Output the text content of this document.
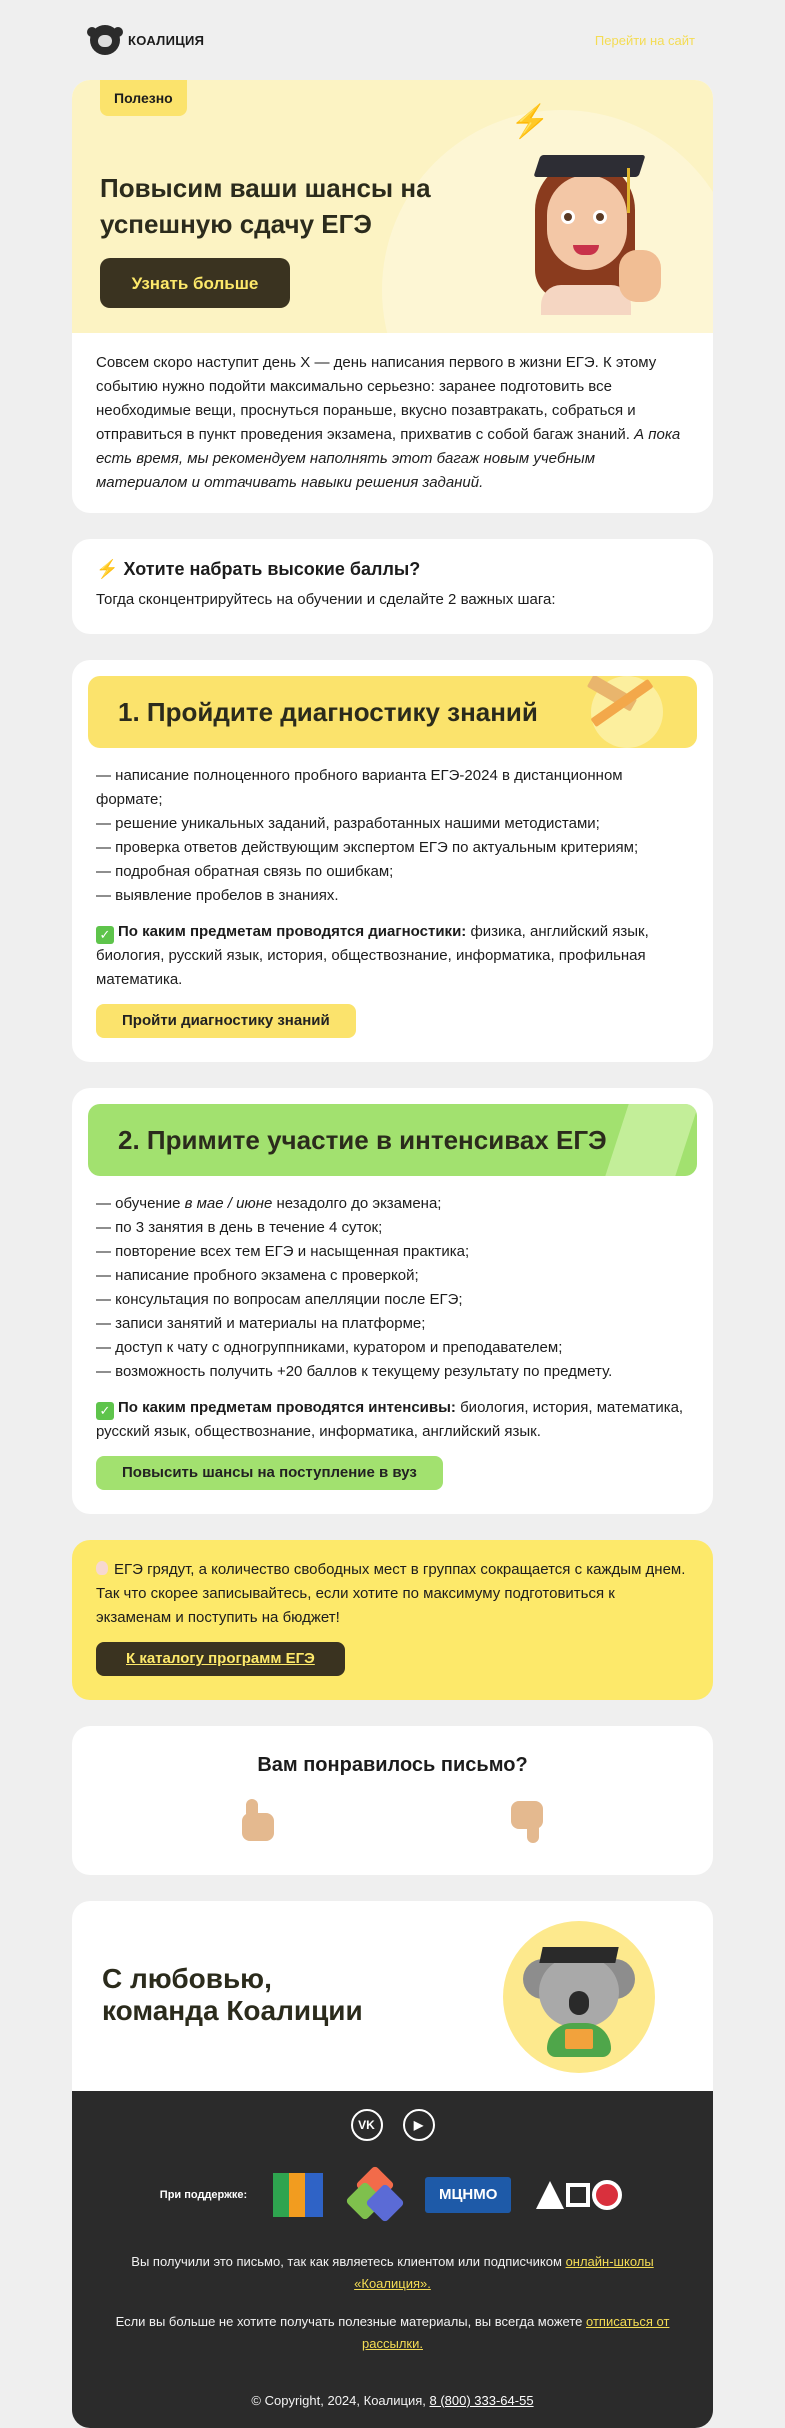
КОАЛИЦИЯ	Перейти на сайт
Полезно
Повысим ваши шансы на успешную сдачу ЕГЭ
Узнать больше
⚡
Совсем скоро наступит день Х — день написания первого в жизни ЕГЭ. К этому событию нужно подойти максимально серьезно: заранее подготовить все необходимые вещи, проснуться пораньше, вкусно позавтракать, собраться и отправиться в пункт проведения экзамена, прихватив с собой багаж знаний. А пока есть время, мы рекомендуем наполнять этот багаж новым учебным материалом и оттачивать навыки решения заданий.
⚡ Хотите набрать высокие баллы?

Тогда сконцентрируйтесь на обучении и сделайте 2 важных шага:

1. Пройдите диагностику знаний
— написание полноценного пробного варианта ЕГЭ-2024 в дистанционном формате;
— решение уникальных заданий, разработанных нашими методистами;
— проверка ответов действующим экспертом ЕГЭ по актуальным критериям;
— подробная обратная связь по ошибкам;
— выявление пробелов в знаниях.

✓ По каким предметам проводятся диагностики: физика, английский язык, биология, русский язык, история, обществознание, информатика, профильная математика.

Пройти диагностику знаний
2. Примите участие в интенсивах ЕГЭ
— обучение в мае / июне незадолго до экзамена;
— по 3 занятия в день в течение 4 суток;
— повторение всех тем ЕГЭ и насыщенная практика;
— написание пробного экзамена с проверкой;
— консультация по вопросам апелляции после ЕГЭ;
— записи занятий и материалы на платформе;
— доступ к чату с одногруппниками, куратором и преподавателем;
— возможность получить +20 баллов к текущему результату по предмету.

✓ По каким предметам проводятся интенсивы: биология, история, математика, русский язык, обществознание, информатика, английский язык.

Повысить шансы на поступление в вуз

ЕГЭ грядут, а количество свободных мест в группах сокращается с каждым днем. Так что скорее записывайтесь, если хотите по максимуму подготовиться к экзаменам и поступить на бюджет!

К каталогу программ ЕГЭ
Вам понравилось письмо?
С любовью,
команда Коалиции
VK	▶
При поддержке:	МЦНМО

Вы получили это письмо, так как являетесь клиентом или подписчиком онлайн-школы «Коалиция».

Если вы больше не хотите получать полезные материалы, вы всегда можете отписаться от рассылки.

© Copyright, 2024, Коалиция, 8 (800) 333-64-55
